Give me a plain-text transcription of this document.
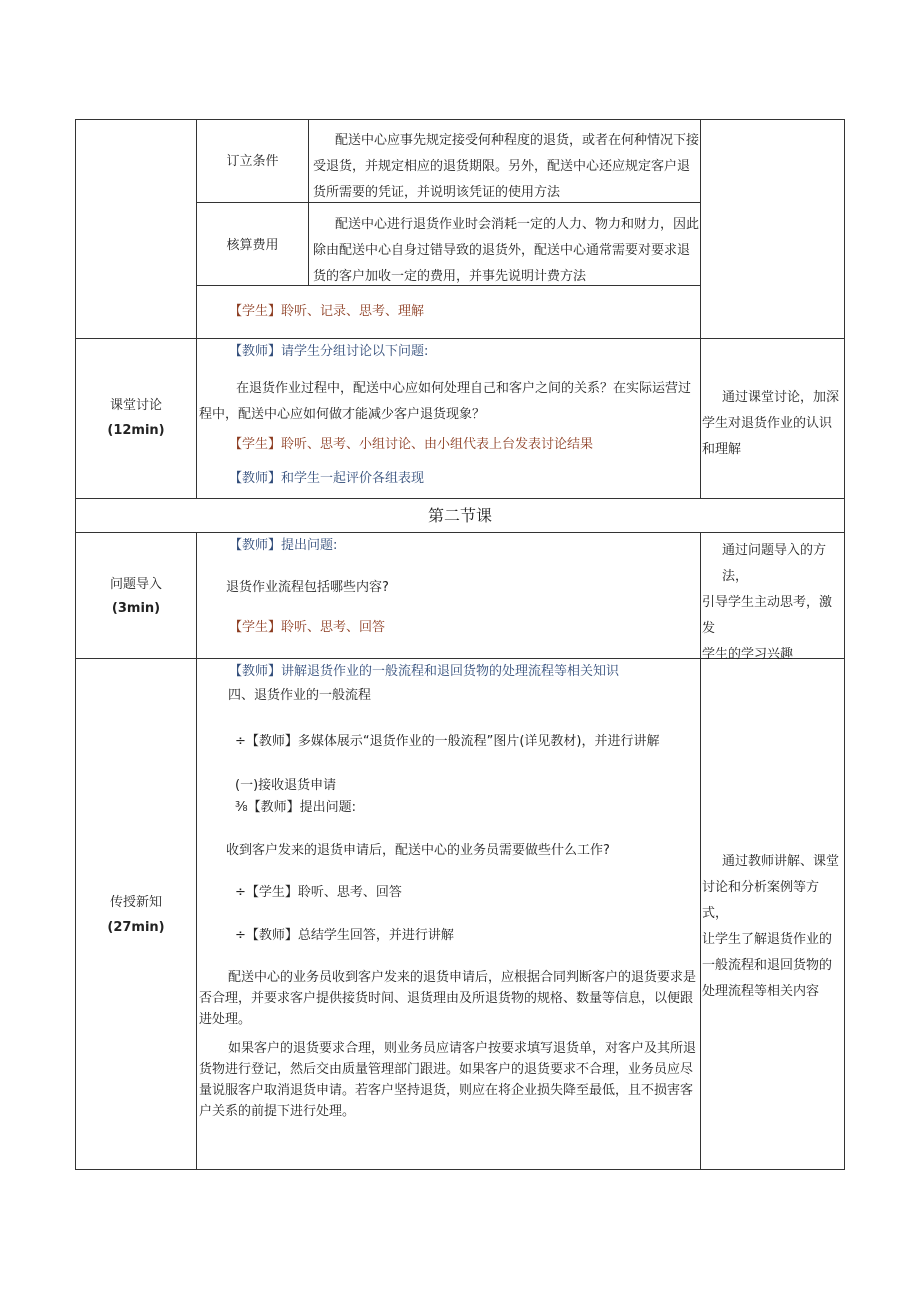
订立条件
配送中心应事先规定接受何种程度的退货，或者在何种情况下接
受退货，并规定相应的退货期限。另外，配送中心还应规定客户退
货所需要的凭证，并说明该凭证的使用方法
核算费用
配送中心进行退货作业时会消耗一定的人力、物力和财力，因此
除由配送中心自身过错导致的退货外，配送中心通常需要对要求退
货的客户加收一定的费用，并事先说明计费方法
【学生】聆听、记录、思考、理解
课堂讨论
(12min)
【教师】请学生分组讨论以下问题:
在退货作业过程中，配送中心应如何处理自己和客户之间的关系？在实际运营过
程中，配送中心应如何做才能减少客户退货现象？
【学生】聆听、思考、小组讨论、由小组代表上台发表讨论结果
【教师】和学生一起评价各组表现
通过课堂讨论，加深
学生对退货作业的认识
和理解
第二节课
问题导入
(3min)
【教师】提出问题:
退货作业流程包括哪些内容?
【学生】聆听、思考、回答
通过问题导入的方法，
引导学生主动思考，激发
学生的学习兴趣
传授新知
(27min)
【教师】讲解退货作业的一般流程和退回货物的处理流程等相关知识
四、退货作业的一般流程
÷【教师】多媒体展示“退货作业的一般流程”图片(详见教材)，并进行讲解
(一)接收退货申请
⅜【教师】提出问题:
收到客户发来的退货申请后，配送中心的业务员需要做些什么工作?
÷【学生】聆听、思考、回答
÷【教师】总结学生回答，并进行讲解
配送中心的业务员收到客户发来的退货申请后，应根据合同判断客户的退货要求是
否合理，并要求客户提供接货时间、退货理由及所退货物的规格、数量等信息，以便跟
进处理。
如果客户的退货要求合理，则业务员应请客户按要求填写退货单，对客户及其所退
货物进行登记，然后交由质量管理部门跟进。如果客户的退货要求不合理，业务员应尽
量说服客户取消退货申请。若客户坚持退货，则应在将企业损失降至最低，且不损害客
户关系的前提下进行处理。
通过教师讲解、课堂
讨论和分析案例等方式，
让学生了解退货作业的
一般流程和退回货物的
处理流程等相关内容
